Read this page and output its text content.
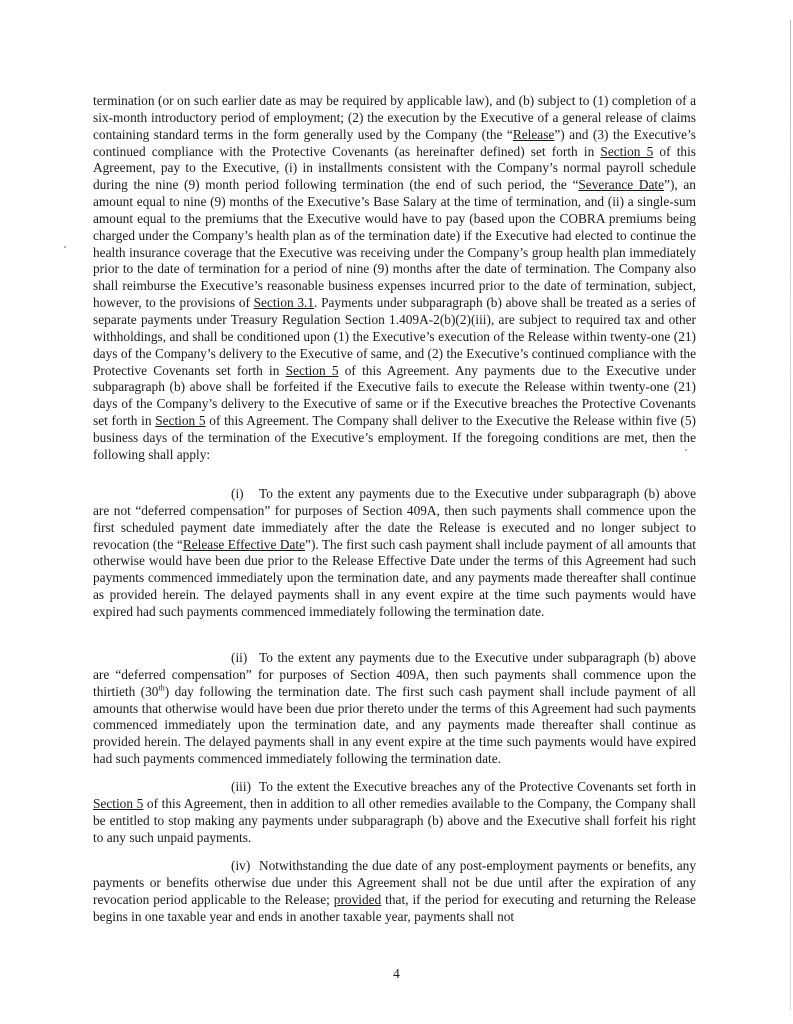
termination (or on such earlier date as may be required by applicable law), and (b) subject to (1) completion of a six-month introductory period of employment; (2) the execution by the Executive of a general release of claims containing standard terms in the form generally used by the Company (the “Release”) and (3) the Executive’s continued compliance with the Protective Covenants (as hereinafter defined) set forth in Section 5 of this Agreement, pay to the Executive, (i) in installments consistent with the Company’s normal payroll schedule during the nine (9) month period following termination (the end of such period, the “Severance Date”), an amount equal to nine (9) months of the Executive’s Base Salary at the time of termination, and (ii) a single-sum amount equal to the premiums that the Executive would have to pay (based upon the COBRA premiums being charged under the Company’s health plan as of the termination date) if the Executive had elected to continue the health insurance coverage that the Executive was receiving under the Company’s group health plan immediately prior to the date of termination for a period of nine (9) months after the date of termination. The Company also shall reimburse the Executive’s reasonable business expenses incurred prior to the date of termination, subject, however, to the provisions of Section 3.1. Payments under subparagraph (b) above shall be treated as a series of separate payments under Treasury Regulation Section 1.409A-2(b)(2)(iii), are subject to required tax and other withholdings, and shall be conditioned upon (1) the Executive’s execution of the Release within twenty-one (21) days of the Company’s delivery to the Executive of same, and (2) the Executive’s continued compliance with the Protective Covenants set forth in Section 5 of this Agreement. Any payments due to the Executive under subparagraph (b) above shall be forfeited if the Executive fails to execute the Release within twenty-one (21) days of the Company’s delivery to the Executive of same or if the Executive breaches the Protective Covenants set forth in Section 5 of this Agreement. The Company shall deliver to the Executive the Release within five (5) business days of the termination of the Executive’s employment. If the foregoing conditions are met, then the following shall apply:

(i) To the extent any payments due to the Executive under subparagraph (b) above are not “deferred compensation” for purposes of Section 409A, then such payments shall commence upon the first scheduled payment date immediately after the date the Release is executed and no longer subject to revocation (the “Release Effective Date”). The first such cash payment shall include payment of all amounts that otherwise would have been due prior to the Release Effective Date under the terms of this Agreement had such payments commenced immediately upon the termination date, and any payments made thereafter shall continue as provided herein. The delayed payments shall in any event expire at the time such payments would have expired had such payments commenced immediately following the termination date.

(ii) To the extent any payments due to the Executive under subparagraph (b) above are “deferred compensation” for purposes of Section 409A, then such payments shall commence upon the thirtieth (30th) day following the termination date. The first such cash payment shall include payment of all amounts that otherwise would have been due prior thereto under the terms of this Agreement had such payments commenced immediately upon the termination date, and any payments made thereafter shall continue as provided herein. The delayed payments shall in any event expire at the time such payments would have expired had such payments commenced immediately following the termination date.

(iii) To the extent the Executive breaches any of the Protective Covenants set forth in Section 5 of this Agreement, then in addition to all other remedies available to the Company, the Company shall be entitled to stop making any payments under subparagraph (b) above and the Executive shall forfeit his right to any such unpaid payments.

(iv) Notwithstanding the due date of any post-employment payments or benefits, any payments or benefits otherwise due under this Agreement shall not be due until after the expiration of any revocation period applicable to the Release; provided that, if the period for executing and returning the Release begins in one taxable year and ends in another taxable year, payments shall not

4
